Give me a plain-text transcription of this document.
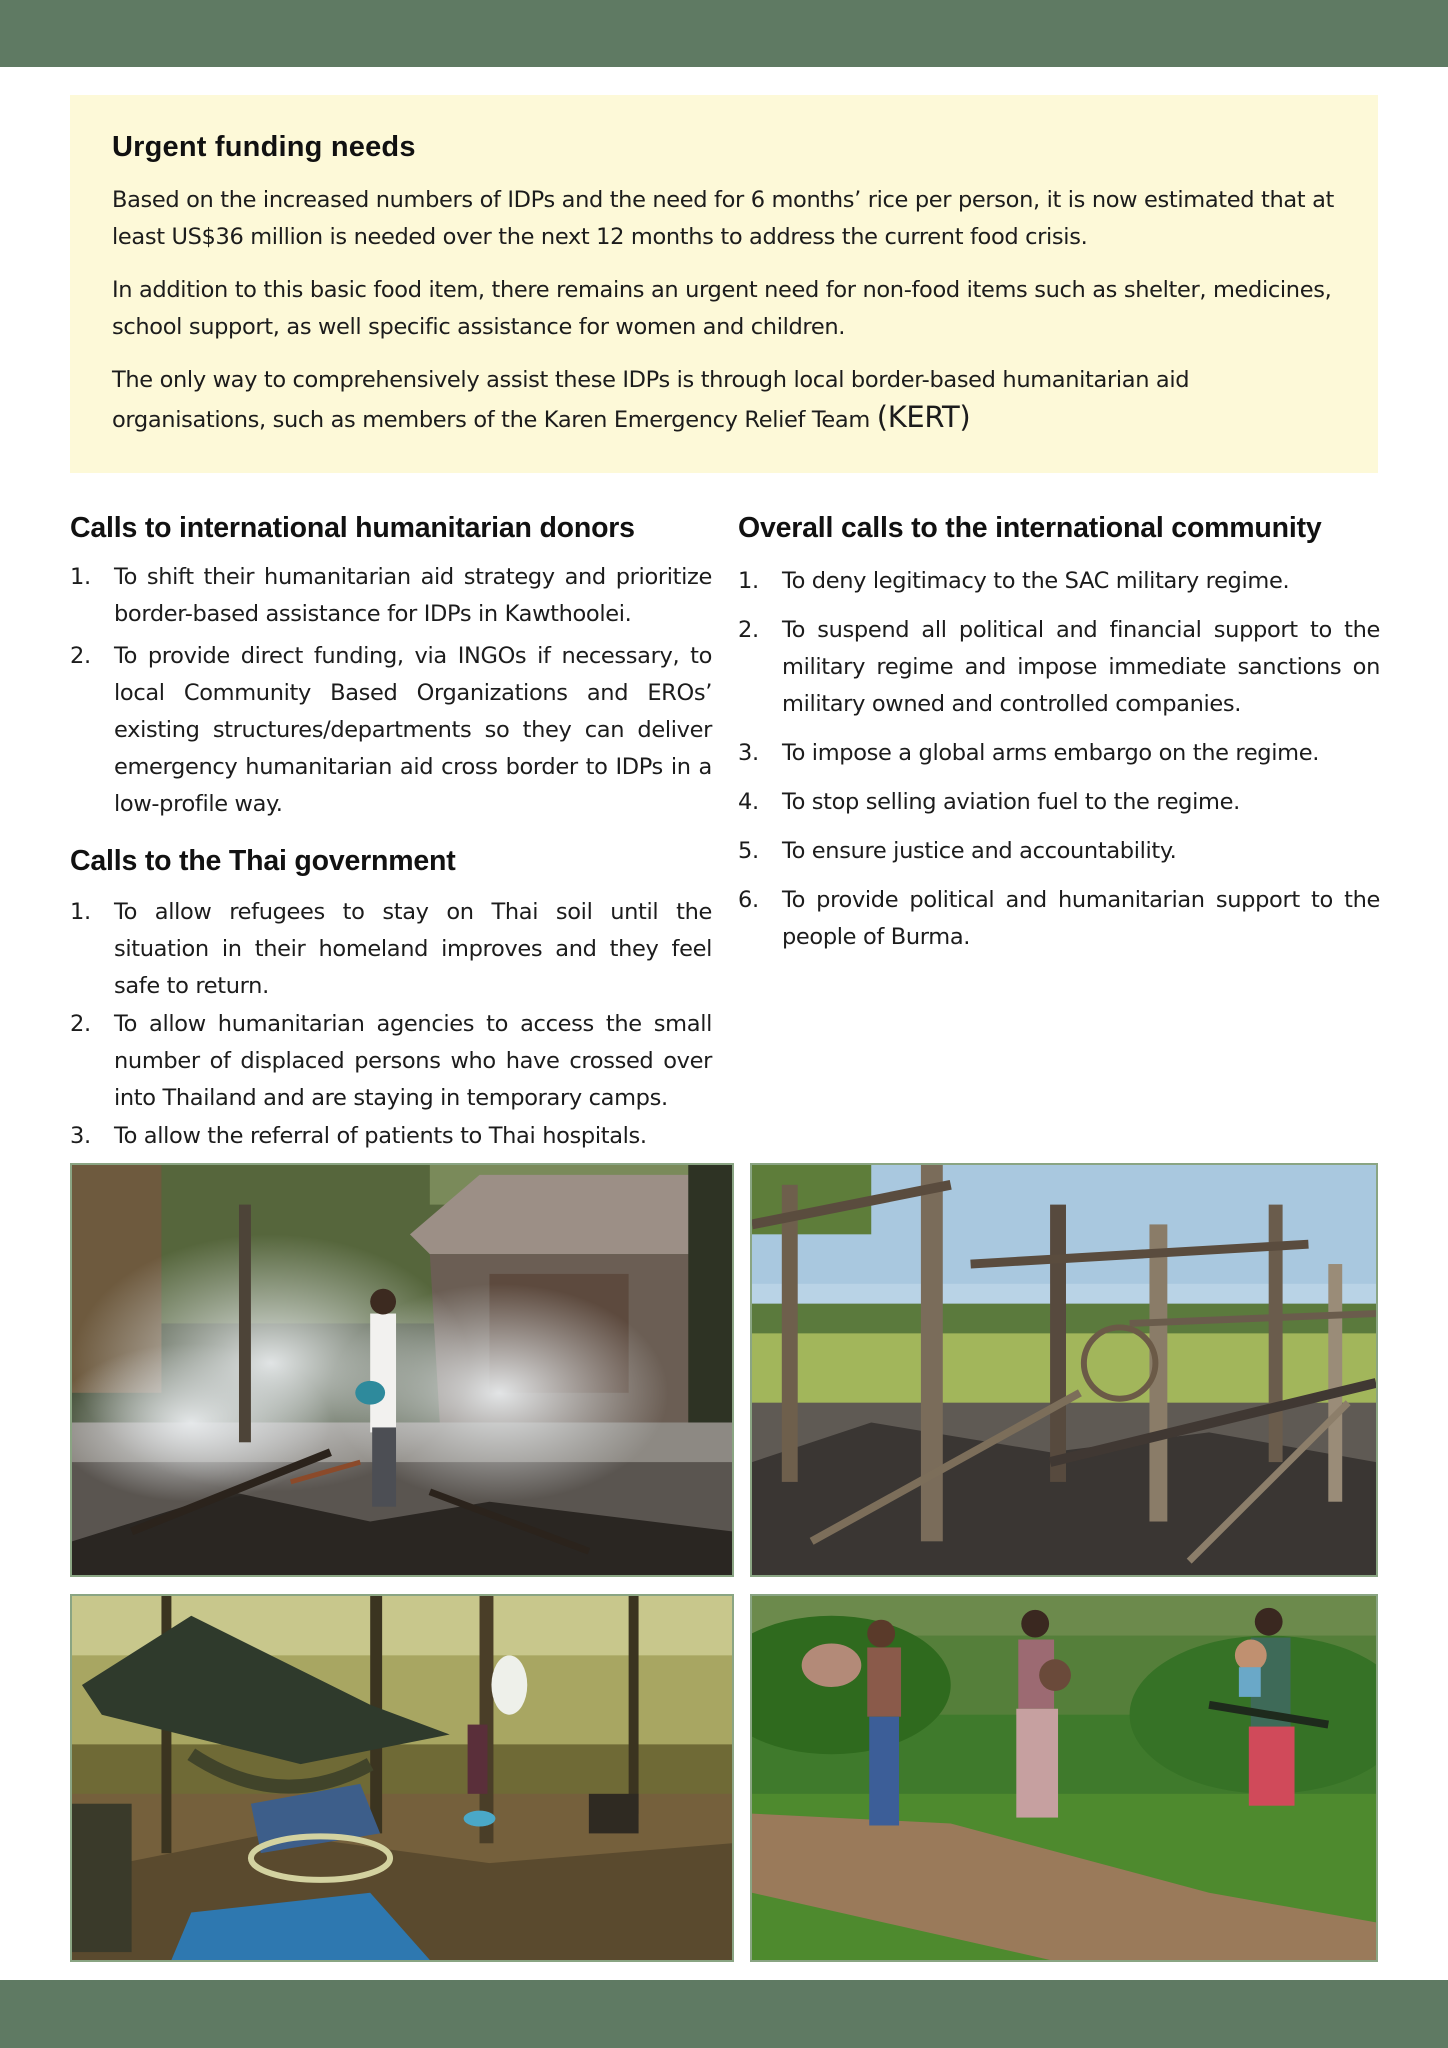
Urgent funding needs

Based on the increased numbers of IDPs and the need for 6 months’ rice per person, it is now estimated that at least US$36 million is needed over the next 12 months to address the current food crisis.

In addition to this basic food item, there remains an urgent need for non-food items such as shelter, medicines, school support, as well specific assistance for women and children.

The only way to comprehensively assist these IDPs is through local border-based humanitarian aid organisations, such as members of the Karen Emergency Relief Team (KERT)

Calls to international humanitarian donors
1. To shift their humanitarian aid strategy and prioritize border-based assistance for IDPs in Kawthoolei.
2. To provide direct funding, via INGOs if necessary, to local Community Based Organizations and EROs’ existing structures/departments so they can deliver emergency humanitarian aid cross border to IDPs in a low-profile way.
Calls to the Thai government
1. To allow refugees to stay on Thai soil until the situation in their homeland improves and they feel safe to return.
2. To allow humanitarian agencies to access the small number of displaced persons who have crossed over into Thailand and are staying in temporary camps.
3. To allow the referral of patients to Thai hospitals.
Overall calls to the international community
1. To deny legitimacy to the SAC military regime.
2. To suspend all political and financial support to the military regime and impose immediate sanctions on military owned and controlled companies.
3. To impose a global arms embargo on the regime.
4. To stop selling aviation fuel to the regime.
5. To ensure justice and accountability.
6. To provide political and humanitarian support to the people of Burma.
